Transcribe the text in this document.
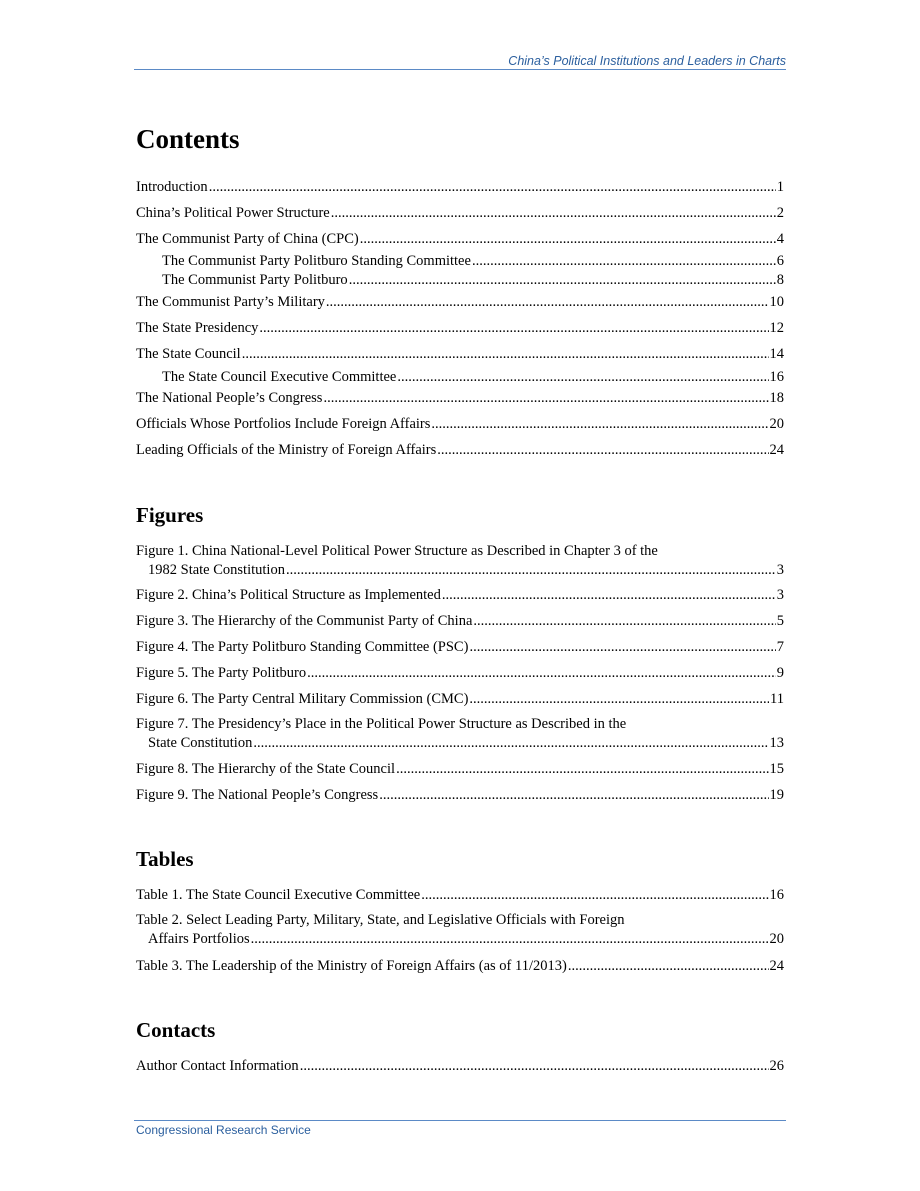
China’s Political Institutions and Leaders in Charts
Contents
Introduction .....	1
China’s Political Power Structure .....	2
The Communist Party of China (CPC) .....	4
The Communist Party Politburo Standing Committee .....	6
The Communist Party Politburo .....	8
The Communist Party’s Military .....	10
The State Presidency .....	12
The State Council .....	14
The State Council Executive Committee .....	16
The National People’s Congress .....	18
Officials Whose Portfolios Include Foreign Affairs .....	20
Leading Officials of the Ministry of Foreign Affairs .....	24
Figures
Figure 1. China National-Level Political Power Structure as Described in Chapter 3 of the
1982 State Constitution .....	3
Figure 2. China’s Political Structure as Implemented .....	3
Figure 3. The Hierarchy of the Communist Party of China .....	5
Figure 4. The Party Politburo Standing Committee (PSC) .....	7
Figure 5. The Party Politburo .....	9
Figure 6. The Party Central Military Commission (CMC) .....	11
Figure 7. The Presidency’s Place in the Political Power Structure as Described in the
State Constitution .....	13
Figure 8. The Hierarchy of the State Council .....	15
Figure 9. The National People’s Congress .....	19
Tables
Table 1. The State Council Executive Committee .....	16
Table 2. Select Leading Party, Military, State, and Legislative Officials with Foreign
Affairs Portfolios .....	20
Table 3. The Leadership of the Ministry of Foreign Affairs (as of 11/2013) .....	24
Contacts
Author Contact Information .....	26
Congressional Research Service
